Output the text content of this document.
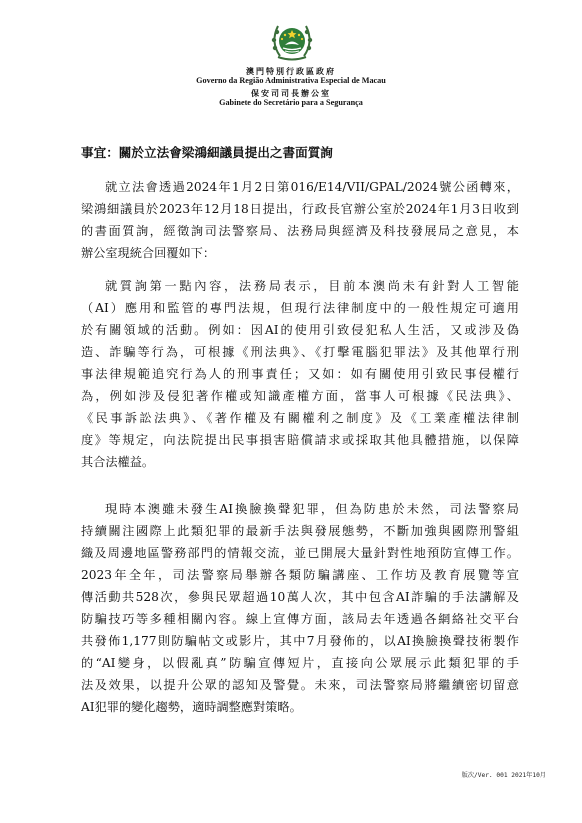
澳門特別行政區政府
Governo da Região Administrativa Especial de Macau
保安司司長辦公室
Gabinete do Secretário para a Segurança
事宜：關於立法會梁鴻細議員提出之書面質詢
就立法會透過2024年1月2日第016/E14/VII/GPAL/2024號公函轉來，
梁鴻細議員於2023年12月18日提出，行政長官辦公室於2024年1月3日收到
的書面質詢，經徵詢司法警察局、法務局與經濟及科技發展局之意見，本
辦公室現統合回覆如下：
就質詢第一點內容，法務局表示，目前本澳尚未有針對人工智能
（AI）應用和監管的專門法規，但現行法律制度中的一般性規定可適用
於有關領域的活動。例如：因AI的使用引致侵犯私人生活，又或涉及偽
造、詐騙等行為，可根據《刑法典》、《打擊電腦犯罪法》及其他單行刑
事法律規範追究行為人的刑事責任；又如：如有關使用引致民事侵權行
為，例如涉及侵犯著作權或知識產權方面，當事人可根據《民法典》、
《民事訴訟法典》、《著作權及有關權利之制度》及《工業產權法律制
度》等規定，向法院提出民事損害賠償請求或採取其他具體措施，以保障
其合法權益。
現時本澳雖未發生AI換臉換聲犯罪，但為防患於未然，司法警察局
持續關注國際上此類犯罪的最新手法與發展態勢，不斷加強與國際刑警組
織及周邊地區警務部門的情報交流，並已開展大量針對性地預防宣傳工作。
2023年全年，司法警察局舉辦各類防騙講座、工作坊及教育展覽等宣
傳活動共528次，參與民眾超過10萬人次，其中包含AI詐騙的手法講解及
防騙技巧等多種相關內容。線上宣傳方面，該局去年透過各網絡社交平台
共發佈1,177則防騙帖文或影片，其中7月發佈的，以AI換臉換聲技術製作
的“AI變身，以假亂真”防騙宣傳短片，直接向公眾展示此類犯罪的手
法及效果，以提升公眾的認知及警覺。未來，司法警察局將繼續密切留意
AI犯罪的變化趨勢，適時調整應對策略。
版次/Ver. 001 2021年10月
